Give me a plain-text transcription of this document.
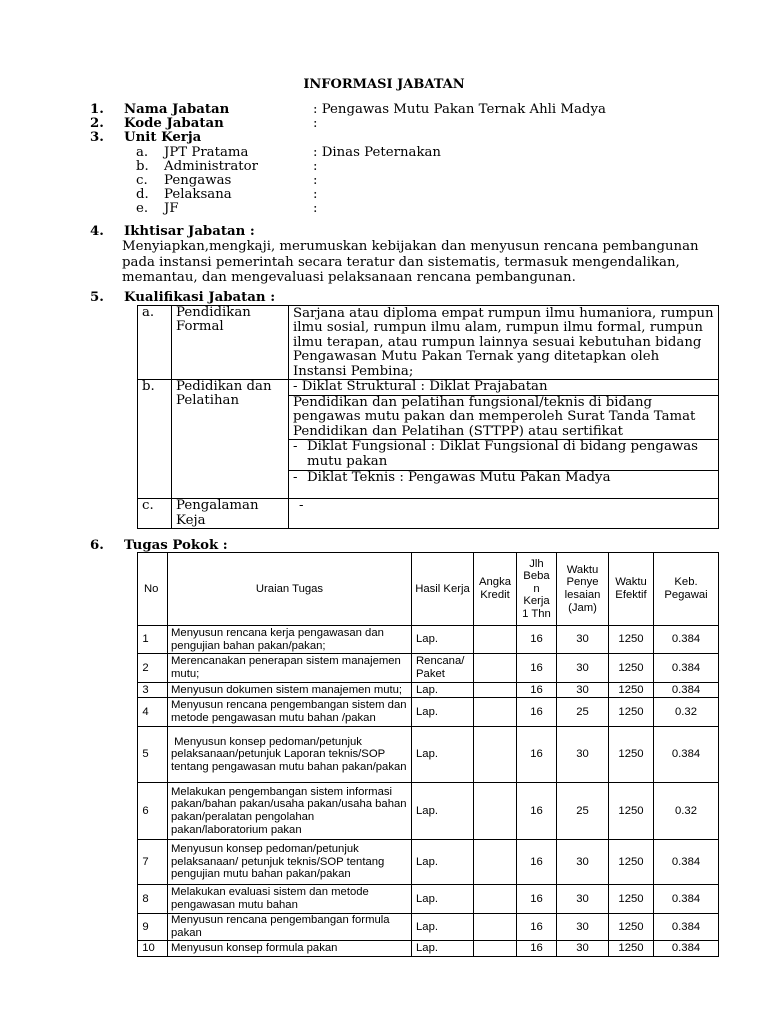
INFORMASI JABATAN
1. Nama Jabatan	: Pengawas Mutu Pakan Ternak Ahli Madya
2. Kode Jabatan	:
3. Unit Kerja
a. JPT Pratama	: Dinas Peternakan
b. Administrator	:
c. Pengawas	:
d. Pelaksana	:
e. JF	:
4. Ikhtisar Jabatan :
Menyiapkan,mengkaji, merumuskan kebijakan dan menyusun rencana pembangunan pada instansi pemerintah secara teratur dan sistematis, termasuk mengendalikan, memantau, dan mengevaluasi pelaksanaan rencana pembangunan.
5. Kualifikasi Jabatan :
a.	Pendidikan Formal	Sarjana atau diploma empat rumpun ilmu humaniora, rumpun ilmu sosial, rumpun ilmu alam, rumpun ilmu formal, rumpun ilmu terapan, atau rumpun lainnya sesuai kebutuhan bidang Pengawasan Mutu Pakan Ternak yang ditetapkan oleh Instansi Pembina;
b.	Pedidikan dan Pelatihan	- Diklat Struktural : Diklat Prajabatan
		Pendidikan dan pelatihan fungsional/teknis di bidang pengawas mutu pakan dan memperoleh Surat Tanda Tamat Pendidikan dan Pelatihan (STTPP) atau sertifikat

		- Diklat Fungsional : Diklat Fungsional di bidang pengawas mutu pakan

		- Diklat Teknis : Pengawas Mutu Pakan Madya

c.	Pengalaman Keja	-
6. Tugas Pokok :
No	Uraian Tugas	Hasil Kerja	Angka Kredit	Jlh Beba n Kerja 1 Thn	Waktu Penye lesaian (Jam)	Waktu Efektif	Keb. Pegawai
1	Menyusun rencana kerja pengawasan dan pengujian bahan pakan/pakan;	Lap.		16	30	1250	0.384
2	Merencanakan penerapan sistem manajemen mutu;	Rencana/ Paket		16	30	1250	0.384
3	Menyusun dokumen sistem manajemen mutu;	Lap.		16	30	1250	0.384
4	Menyusun rencana pengembangan sistem dan metode pengawasan mutu bahan /pakan	Lap.		16	25	1250	0.32
5	Menyusun konsep pedoman/petunjuk pelaksanaan/petunjuk Laporan teknis/SOP tentang pengawasan mutu bahan pakan/pakan	Lap.		16	30	1250	0.384
6	Melakukan pengembangan sistem informasi pakan/bahan pakan/usaha pakan/usaha bahan pakan/peralatan pengolahan pakan/laboratorium pakan	Lap.		16	25	1250	0.32
7	Menyusun konsep pedoman/petunjuk pelaksanaan/ petunjuk teknis/SOP tentang pengujian mutu bahan pakan/pakan	Lap.		16	30	1250	0.384
8	Melakukan evaluasi sistem dan metode pengawasan mutu bahan	Lap.		16	30	1250	0.384
9	Menyusun rencana pengembangan formula pakan	Lap.		16	30	1250	0.384
10	Menyusun konsep formula pakan	Lap.		16	30	1250	0.384
